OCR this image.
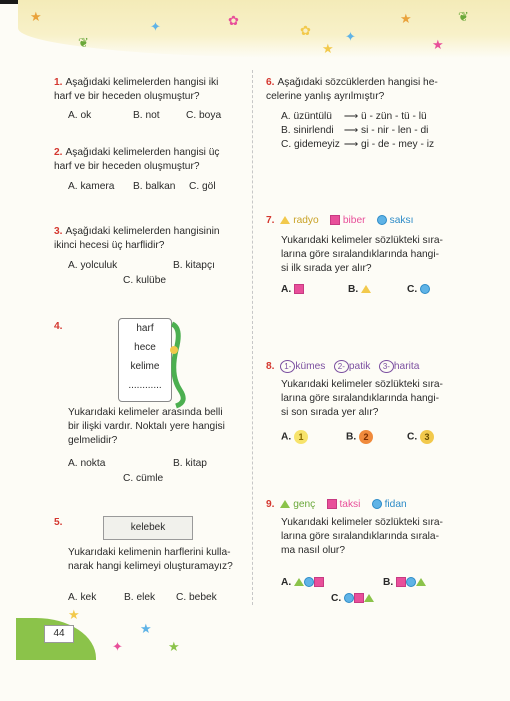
★
❦
✦	✿
✿
★
✦
★
★
❦
1. Aşağıdaki kelimelerden hangisi iki
harf ve bir heceden oluşmuştur?
A. ok	B. not	C. boya
2. Aşağıdaki kelimelerden hangisi üç
harf ve bir heceden oluşmuştur?
A. kamera B. balkan C. göl
3. Aşağıdaki kelimelerden hangisinin
ikinci hecesi üç harflidir?
A. yolculuk	B. kitapçı
C. kulübe
4.	harf
hece
kelime
............
Yukarıdaki kelimeler arasında belli
bir ilişki vardır. Noktalı yere hangisi
gelmelidir?
A. nokta	B. kitap
C. cümle
5.	kelebek
Yukarıdaki kelimenin harflerini kulla-
narak hangi kelimeyi oluşturamayız?
A. kek	B. elek C. bebek
6. Aşağıdaki sözcüklerden hangisi he-
celerine yanlış ayrılmıştır?
A. üzüntülü ⟶ ü - zün - tü - lü
B. sinirlendi ⟶ si - nir - len - di
C. gidemeyiz ⟶ gi - de - mey - iz
7. radyo biber saksı
Yukarıdaki kelimeler sözlükteki sıra-
larına göre sıralandıklarında hangi-
si ilk sırada yer alır?
A.	B.	C.
8. 1- kümes 2- patik 3- harita
Yukarıdaki kelimeler sözlükteki sıra-
larına göre sıralandıklarında hangi-
si son sırada yer alır?
A. 1	B. 2	C. 3
9. genç taksi fidan
Yukarıdaki kelimeler sözlükteki sıra-
larına göre sıralandıklarında sırala-
ma nasıl olur?
A.	B.
C.
44
★
✦
★
★
